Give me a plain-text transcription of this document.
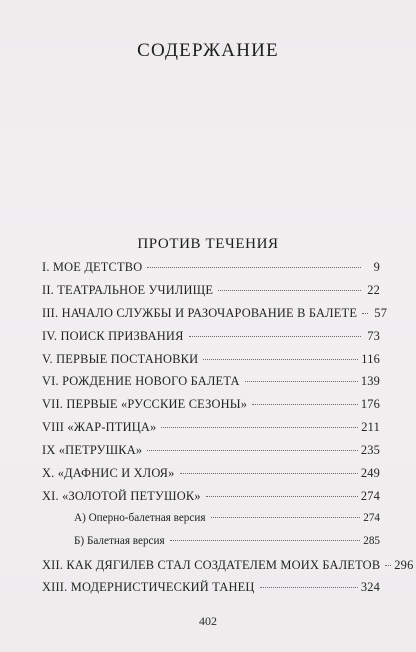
СОДЕРЖАНИЕ
ПРОТИВ ТЕЧЕНИЯ
I. МОЕ ДЕТСТВО	9
II. ТЕАТРАЛЬНОЕ УЧИЛИЩЕ	22
III. НАЧАЛО СЛУЖБЫ И РАЗОЧАРОВАНИЕ В БАЛЕТЕ 57
IV. ПОИСК ПРИЗВАНИЯ	73
V. ПЕРВЫЕ ПОСТАНОВКИ	116
VI. РОЖДЕНИЕ НОВОГО БАЛЕТА	139
VII. ПЕРВЫЕ «РУССКИЕ СЕЗОНЫ»	176
VIII «ЖАР-ПТИЦА»	211
IX «ПЕТРУШКА»	235
X. «ДАФНИС И ХЛОЯ»	249
XI. «ЗОЛОТОЙ ПЕТУШОК»	274
А) Оперно-балетная версия	274
Б) Балетная версия	285
XII. КАК ДЯГИЛЕВ СТАЛ СОЗДАТЕЛЕМ МОИХ БАЛЕТОВ 296
XIII. МОДЕРНИСТИЧЕСКИЙ ТАНЕЦ	324
402
